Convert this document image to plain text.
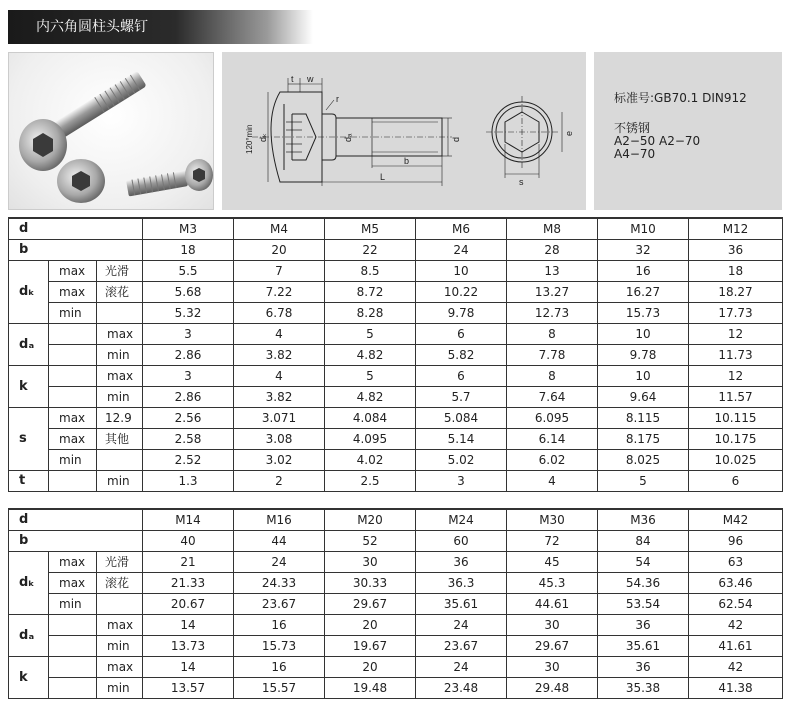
内六角圆柱头螺钉
t w
r
120°min dₖ	dₐ	d
b
L
e
s
标准号:GB70.1 DIN912
不锈钢
A2−50 A2−70
A4−70
d			M3	M4	M5	M6	M8	M10	M12
b			18	20	22	24	28	32	36
dₖ	max	光滑	5.5	7	8.5	10	13	16	18
	max	滚花	5.68	7.22	8.72	10.22	13.27	16.27	18.27
	min		5.32	6.78	8.28	9.78	12.73	15.73	17.73
dₐ		max	3	4	5	6	8	10	12
		min	2.86	3.82	4.82	5.82	7.78	9.78	11.73
k		max	3	4	5	6	8	10	12
		min	2.86	3.82	4.82	5.7	7.64	9.64	11.57
s	max	12.9	2.56	3.071	4.084	5.084	6.095	8.115	10.115
	max	其他	2.58	3.08	4.095	5.14	6.14	8.175	10.175
	min		2.52	3.02	4.02	5.02	6.02	8.025	10.025
t		min	1.3	2	2.5	3	4	5	6
d			M14	M16	M20	M24	M30	M36	M42
b			40	44	52	60	72	84	96
dₖ	max	光滑	21	24	30	36	45	54	63
	max	滚花	21.33	24.33	30.33	36.3	45.3	54.36	63.46
	min		20.67	23.67	29.67	35.61	44.61	53.54	62.54
dₐ		max	14	16	20	24	30	36	42
		min	13.73	15.73	19.67	23.67	29.67	35.61	41.61
k		max	14	16	20	24	30	36	42
		min	13.57	15.57	19.48	23.48	29.48	35.38	41.38
